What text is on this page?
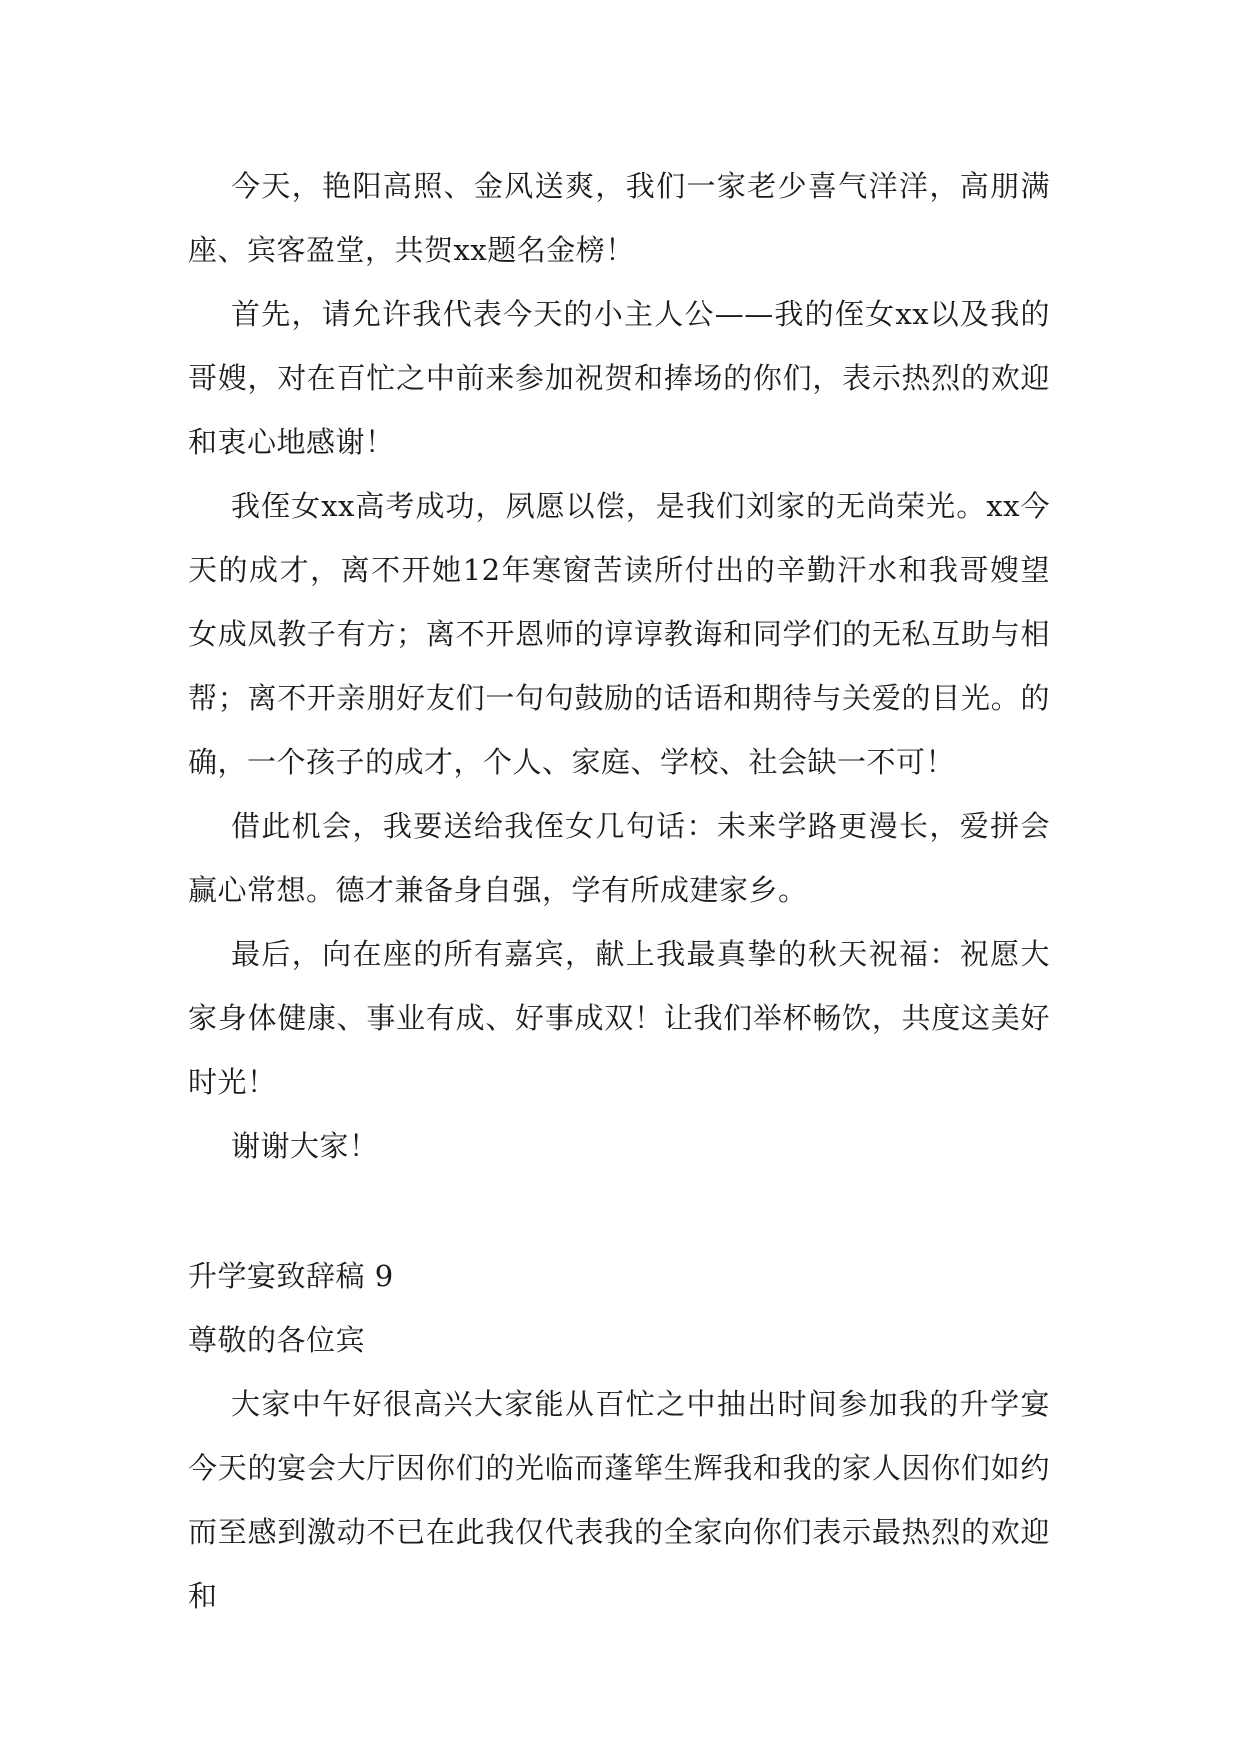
今天，艳阳高照、金风送爽，我们一家老少喜气洋洋，高朋满座、宾客盈堂，共贺xx题名金榜！

首先，请允许我代表今天的小主人公——我的侄女xx以及我的哥嫂，对在百忙之中前来参加祝贺和捧场的你们，表示热烈的欢迎和衷心地感谢！

我侄女xx高考成功，夙愿以偿，是我们刘家的无尚荣光。xx今天的成才，离不开她12年寒窗苦读所付出的辛勤汗水和我哥嫂望女成凤教子有方；离不开恩师的谆谆教诲和同学们的无私互助与相帮；离不开亲朋好友们一句句鼓励的话语和期待与关爱的目光。的确，一个孩子的成才，个人、家庭、学校、社会缺一不可！

借此机会，我要送给我侄女几句话：未来学路更漫长，爱拼会赢心常想。德才兼备身自强，学有所成建家乡。

最后，向在座的所有嘉宾，献上我最真挚的秋天祝福：祝愿大家身体健康、事业有成、好事成双！让我们举杯畅饮，共度这美好时光！

谢谢大家！

升学宴致辞稿 9

尊敬的各位宾

大家中午好很高兴大家能从百忙之中抽出时间参加我的升学宴今天的宴会大厅因你们的光临而蓬筚生辉我和我的家人因你们如约而至感到激动不已在此我仅代表我的全家向你们表示最热烈的欢迎和
